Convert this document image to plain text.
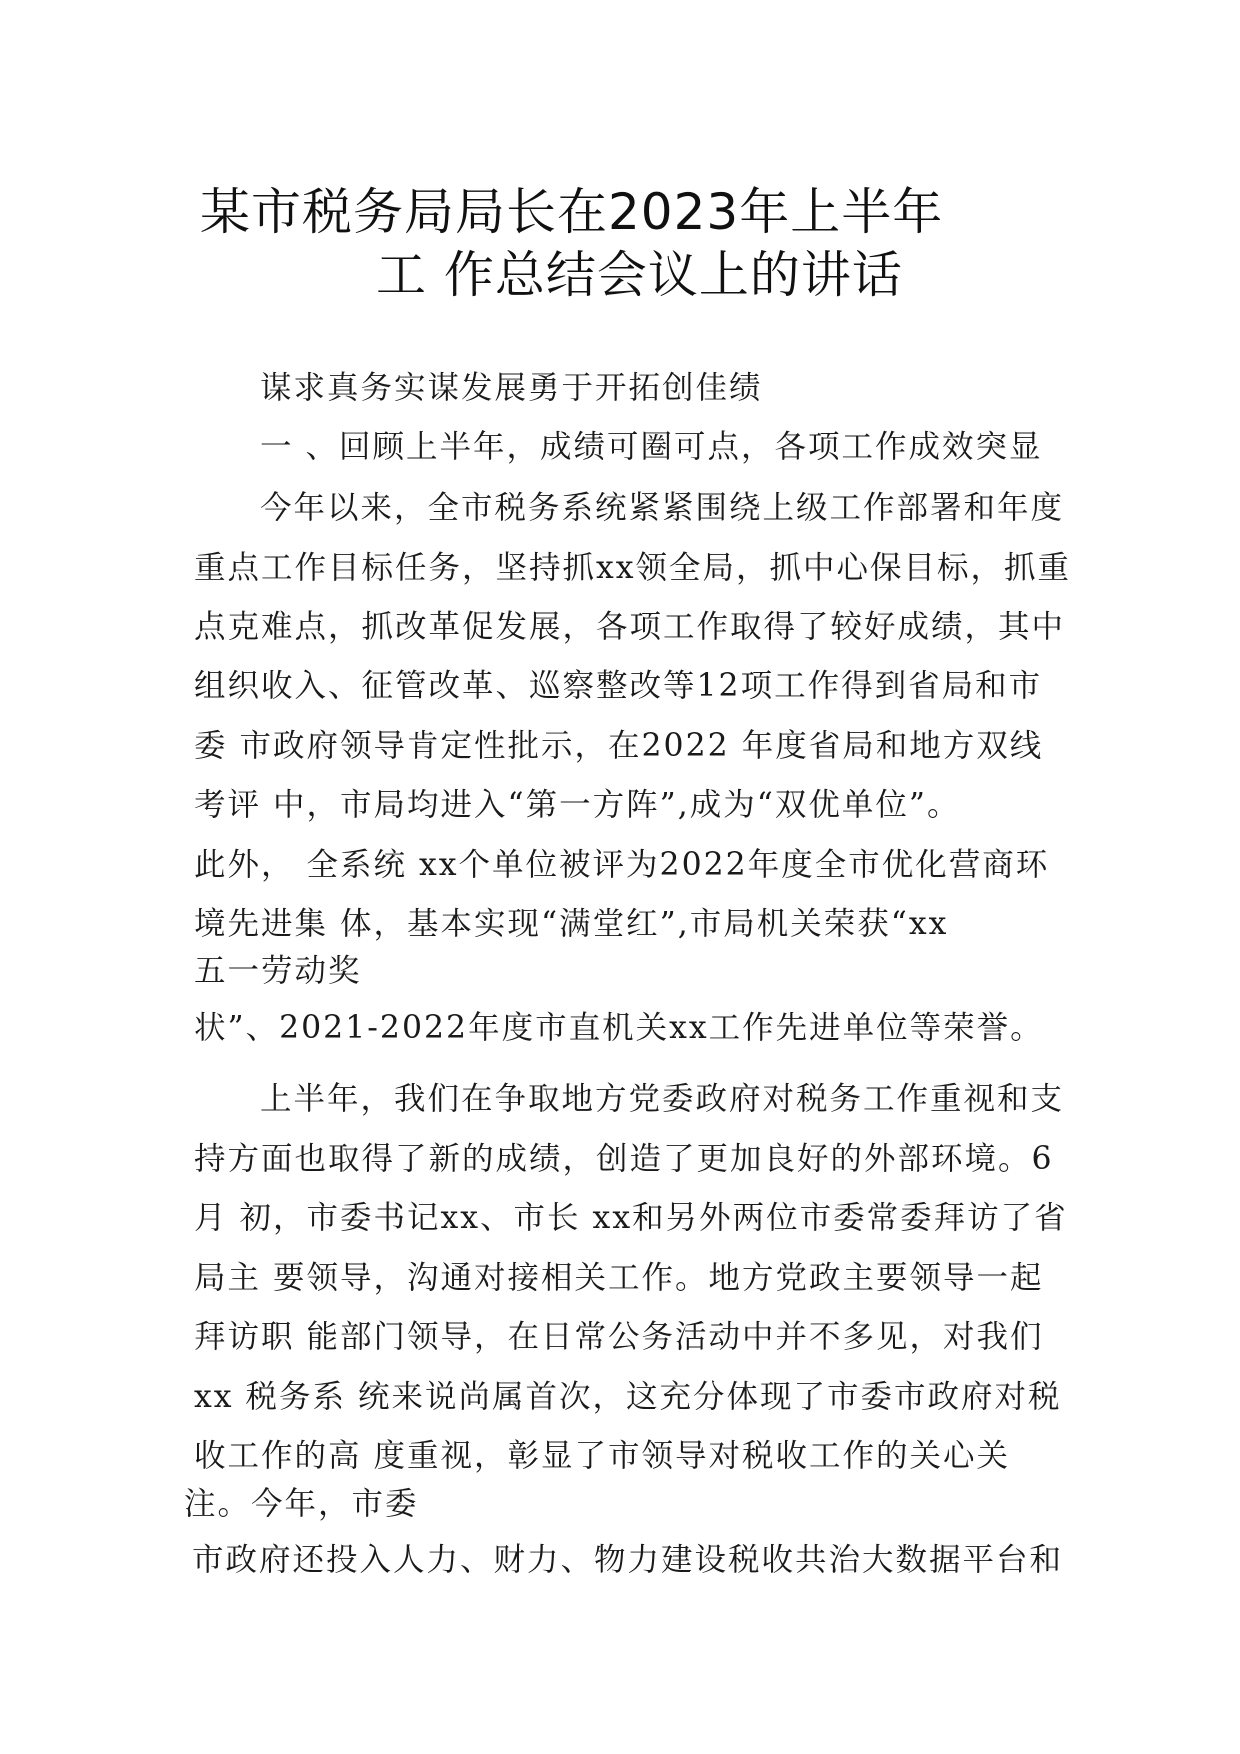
某市税务局局长在2023年上半年
工 作总结会议上的讲话

谋求真务实谋发展勇于开拓创佳绩

一 、回顾上半年，成绩可圈可点，各项工作成效突显

今年以来，全市税务系统紧紧围绕上级工作部署和年度

重点工作目标任务，坚持抓xx领全局，抓中心保目标，抓重

点克难点，抓改革促发展，各项工作取得了较好成绩，其中

组织收入、征管改革、巡察整改等12项工作得到省局和市

委 市政府领导肯定性批示，在2022 年度省局和地方双线

考评 中，市局均进入“第一方阵”,成为“双优单位”。

此外， 全系统 xx个单位被评为2022年度全市优化营商环

境先进集 体，基本实现“满堂红”,市局机关荣获“xx

五一劳动奖

状”、2021-2022年度市直机关xx工作先进单位等荣誉。

上半年，我们在争取地方党委政府对税务工作重视和支

持方面也取得了新的成绩，创造了更加良好的外部环境。6

月 初，市委书记xx、市长 xx和另外两位市委常委拜访了省

局主 要领导，沟通对接相关工作。地方党政主要领导一起

拜访职 能部门领导，在日常公务活动中并不多见，对我们

xx 税务系 统来说尚属首次，这充分体现了市委市政府对税

收工作的高 度重视，彰显了市领导对税收工作的关心关

注。今年，市委

市政府还投入人力、财力、物力建设税收共治大数据平台和
